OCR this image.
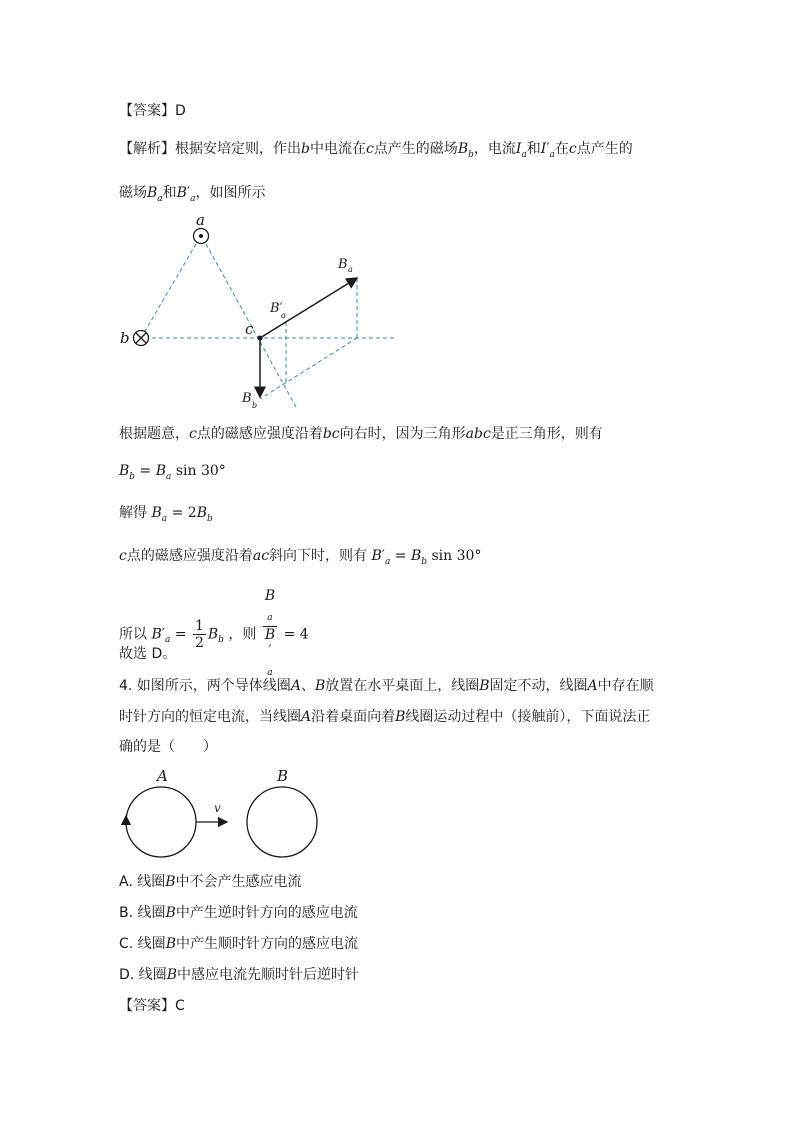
【答案】D
【解析】根据安培定则，作出b中电流在c点产生的磁场$B_b$，电流$I_a$和$I'_a$在c点产生的
磁场$B_a$和$B'_a$，如图所示
a
b	c
B a
B′
a
B b
根据题意，c点的磁感应强度沿着bc向右时，因为三角形abc是正三角形，则有
$B_b = B_a$ sin 30°
解得 $B_a = 2B_b$
c点的磁感应强度沿着ac斜向下时，则有 $B'_a = B_b$ sin 30°
所以 $B'_a = \frac{1}{2} B_b$ ，则 B
$_a$
B
′
$_a$ = 4
故选 D。
4. 如图所示，两个导体线圈A、B放置在水平桌面上，线圈B固定不动，线圈A中存在顺
时针方向的恒定电流，当线圈A沿着桌面向着B线圈运动过程中（接触前），下面说法正
确的是（　　）
A	B
v
A. 线圈B中不会产生感应电流
B. 线圈B中产生逆时针方向的感应电流
C. 线圈B中产生顺时针方向的感应电流
D. 线圈B中感应电流先顺时针后逆时针
【答案】C
